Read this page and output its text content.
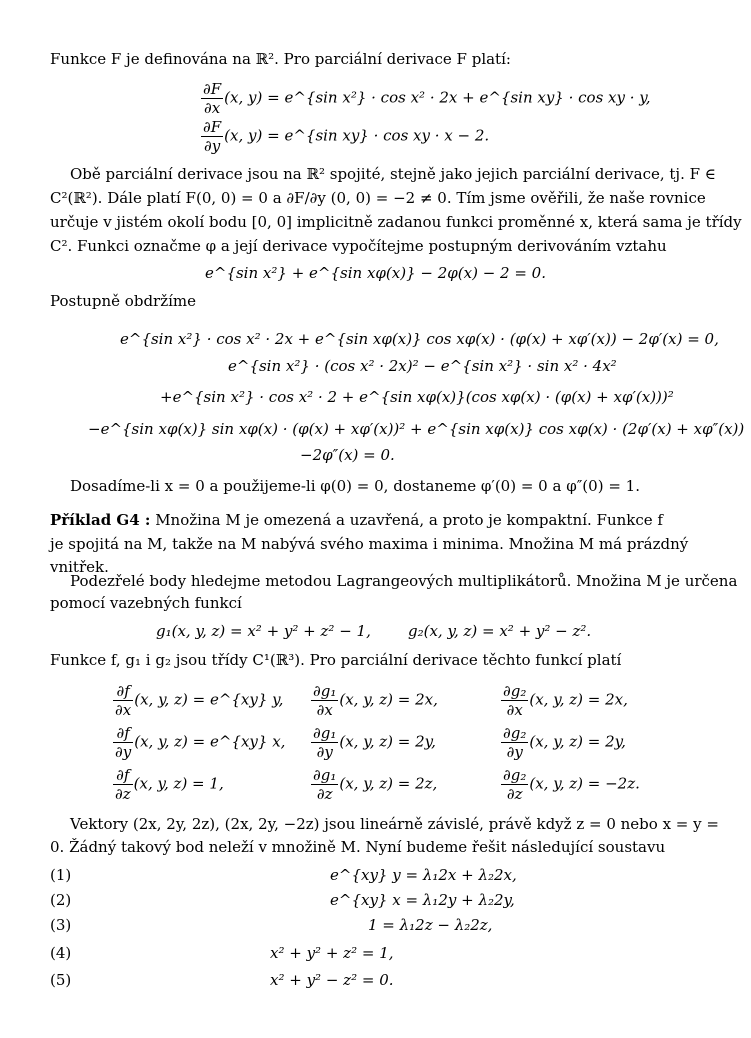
Funkce F je definována na ℝ². Pro parciální derivace F platí:
$\frac{\partial F}{\partial x} (x$, y) = e^{sin x²} · cos x² · 2x + e^{sin xy} · cos xy · y,
$\frac{\partial F}{\partial y} (x$, y) = e^{sin xy} · cos xy · x − 2.
Obě parciální derivace jsou na ℝ² spojité, stejně jako jejich parciální derivace, tj. F ∈
C²(ℝ²). Dále platí F(0, 0) = 0 a ∂F/∂y (0, 0) = −2 ≠ 0. Tím jsme ověřili, že naše rovnice
určuje v jistém okolí bodu [0, 0] implicitně zadanou funkci proměnné x, která sama je třídy
C². Funkci označme φ a její derivace vypočítejme postupným derivováním vztahu
e^{sin x²} + e^{sin xφ(x)} − 2φ(x) − 2 = 0.
Postupně obdržíme
e^{sin x²} · cos x² · 2x + e^{sin xφ(x)} cos xφ(x) · (φ(x) + xφ′(x)) − 2φ′(x) = 0,
e^{sin x²} · (cos x² · 2x)² − e^{sin x²} · sin x² · 4x²
+e^{sin x²} · cos x² · 2 + e^{sin xφ(x)}(cos xφ(x) · (φ(x) + xφ′(x)))²
−e^{sin xφ(x)} sin xφ(x) · (φ(x) + xφ′(x))² + e^{sin xφ(x)} cos xφ(x) · (2φ′(x) + xφ″(x))
−2φ″(x) = 0.
Dosadíme-li x = 0 a použijeme-li φ(0) = 0, dostaneme φ′(0) = 0 a φ″(0) = 1.
Příklad G4 : Množina M je omezená a uzavřená, a proto je kompaktní. Funkce f
je spojitá na M, takže na M nabývá svého maxima i minima. Množina M má prázdný
vnitřek.
Podezřelé body hledejme metodou Lagrangeových multiplikátorů. Množina M je určena
pomocí vazebných funkcí
g₁(x, y, z) = x² + y² + z² − 1, g₂(x, y, z) = x² + y² − z².
Funkce f, g₁ i g₂ jsou třídy C¹(ℝ³). Pro parciální derivace těchto funkcí platí
$\frac{\partial f}{\partial x} (x$, y, z) = e^{xy} y, $\frac{\text{∂g₁}}{\partial x} (x$, y, z) = 2x,	$\frac{\text{∂g₂}}{\partial x} (x$, y, z) = 2x,
$\frac{\partial f}{\partial y} (x$, y, z) = e^{xy} x, $\frac{\text{∂g₁}}{\partial y} (x$, y, z) = 2y,	$\frac{\text{∂g₂}}{\partial y} (x$, y, z) = 2y,
$\frac{\partial f}{\partial z} (x$, y, z) = 1,	$\frac{\text{∂g₁}}{\partial z} (x$, y, z) = 2z,	$\frac{\text{∂g₂}}{\partial z} (x$, y, z) = −2z.
Vektory (2x, 2y, 2z), (2x, 2y, −2z) jsou lineárně závislé, právě když z = 0 nebo x = y =
0. Žádný takový bod neleží v množině M. Nyní budeme řešit následující soustavu
(1)	e^{xy} y = λ₁2x + λ₂2x,
(2)	e^{xy} x = λ₁2y + λ₂2y,
(3)	1 = λ₁2z − λ₂2z,
(4)	x² + y² + z² = 1,
(5)	x² + y² − z² = 0.
